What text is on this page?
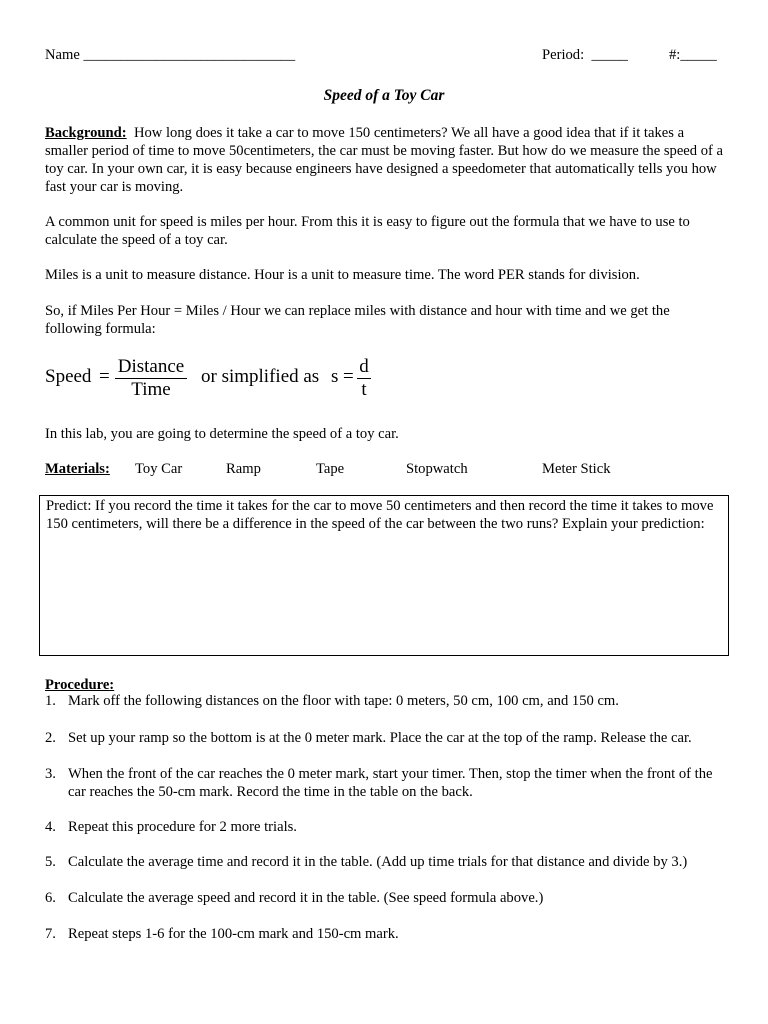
Name _____________________________	Period: _____	#:_____
Speed of a Toy Car

Background: How long does it take a car to move 150 centimeters? We all have a good idea that if it takes a smaller period of time to move 50centimeters, the car must be moving faster. But how do we measure the speed of a toy car. In your own car, it is easy because engineers have designed a speedometer that automatically tells you how fast your car is moving.

A common unit for speed is miles per hour. From this it is easy to figure out the formula that we have to use to calculate the speed of a toy car.

Miles is a unit to measure distance. Hour is a unit to measure time. The word PER stands for division.

So, if Miles Per Hour = Miles / Hour we can replace miles with distance and hour with time and we get the following formula:

Speed = Distance
Time
or simplified as s = d
t

In this lab, you are going to determine the speed of a toy car.

Materials: Toy Car	Ramp	Tape	Stopwatch	Meter Stick

Predict: If you record the time it takes for the car to move 50 centimeters and then record the time it takes to move 150 centimeters, will there be a difference in the speed of the car between the two runs? Explain your prediction:

Procedure:
1. Mark off the following distances on the floor with tape: 0 meters, 50 cm, 100 cm, and 150 cm.
2. Set up your ramp so the bottom is at the 0 meter mark. Place the car at the top of the ramp. Release the car.
3. When the front of the car reaches the 0 meter mark, start your timer. Then, stop the timer when the front of the car reaches the 50-cm mark. Record the time in the table on the back.
4. Repeat this procedure for 2 more trials.
5. Calculate the average time and record it in the table. (Add up time trials for that distance and divide by 3.)
6. Calculate the average speed and record it in the table. (See speed formula above.)
7. Repeat steps 1-6 for the 100-cm mark and 150-cm mark.
